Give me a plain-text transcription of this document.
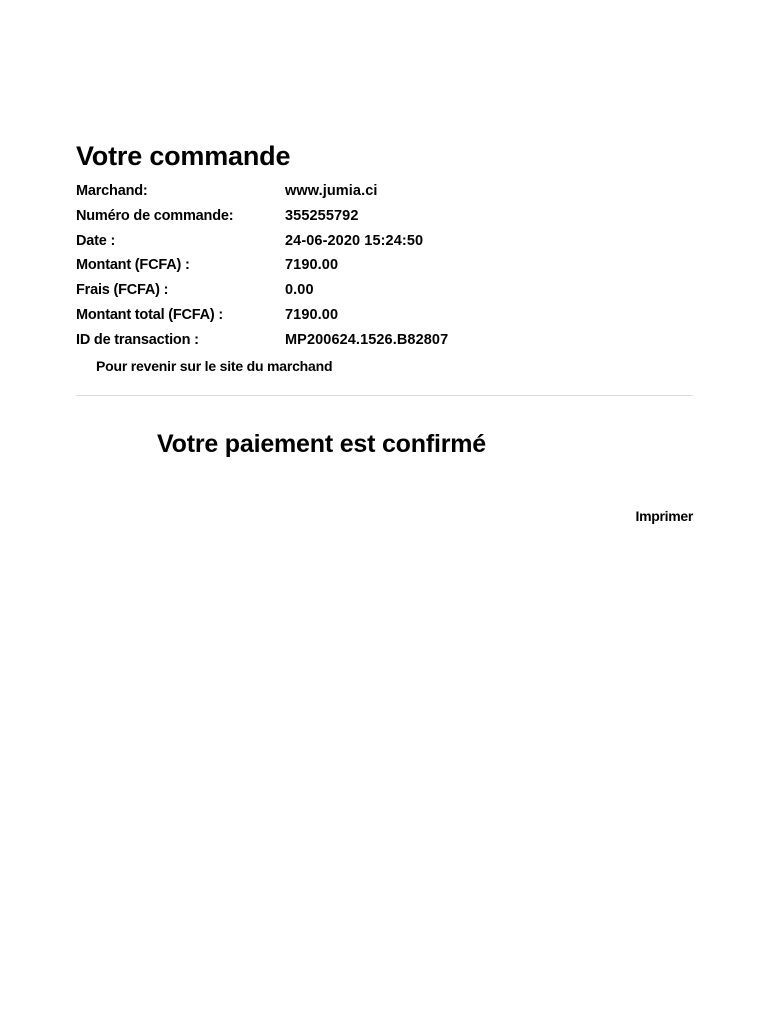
Votre commande
Marchand:	www.jumia.ci
Numéro de commande:	355255792
Date :	24-06-2020 15:24:50
Montant (FCFA) :	7190.00
Frais (FCFA) :	0.00
Montant total (FCFA) :	7190.00
ID de transaction :	MP200624.1526.B82807
Pour revenir sur le site du marchand
Votre paiement est confirmé
Imprimer
